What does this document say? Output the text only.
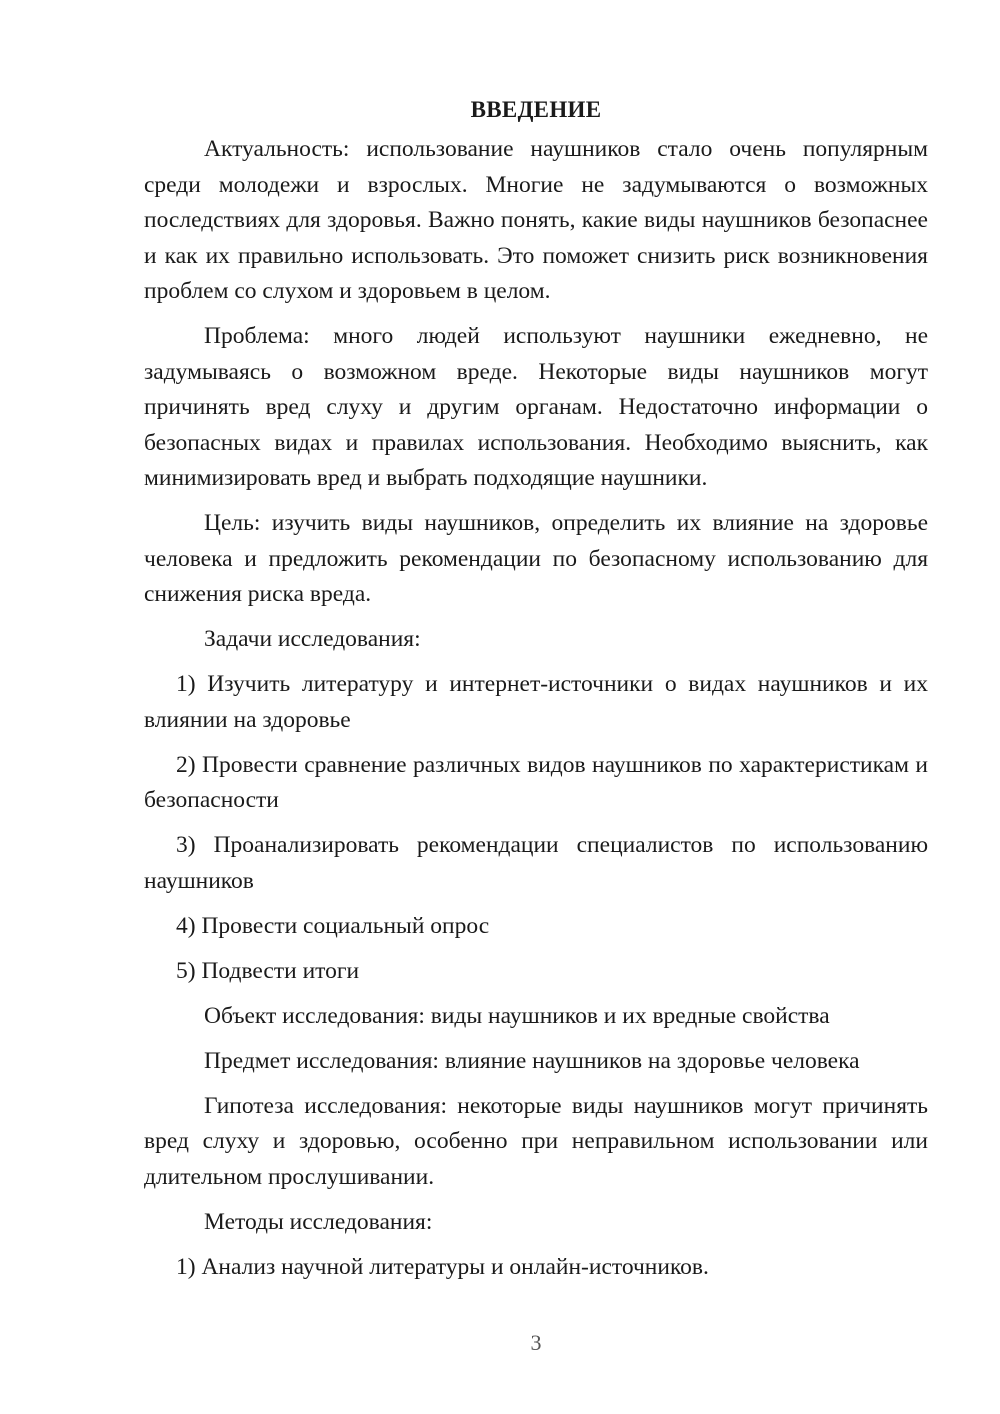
ВВЕДЕНИЕ

Актуальность: использование наушников стало очень популярным среди молодежи и взрослых. Многие не задумываются о возможных последствиях для здоровья. Важно понять, какие виды наушников безопаснее и как их правильно использовать. Это поможет снизить риск возникновения проблем со слухом и здоровьем в целом.

Проблема: много людей используют наушники ежедневно, не задумываясь о возможном вреде. Некоторые виды наушников могут причинять вред слуху и другим органам. Недостаточно информации о безопасных видах и правилах использования. Необходимо выяснить, как минимизировать вред и выбрать подходящие наушники.

Цель: изучить виды наушников, определить их влияние на здоровье человека и предложить рекомендации по безопасному использованию для снижения риска вреда.

Задачи исследования:

1) Изучить литературу и интернет-источники о видах наушников и их влиянии на здоровье

2) Провести сравнение различных видов наушников по характеристикам и безопасности

3) Проанализировать рекомендации специалистов по использованию наушников

4) Провести социальный опрос

5) Подвести итоги

Объект исследования: виды наушников и их вредные свойства

Предмет исследования: влияние наушников на здоровье человека

Гипотеза исследования: некоторые виды наушников могут причинять вред слуху и здоровью, особенно при неправильном использовании или длительном прослушивании.

Методы исследования:

1) Анализ научной литературы и онлайн-источников.

3
